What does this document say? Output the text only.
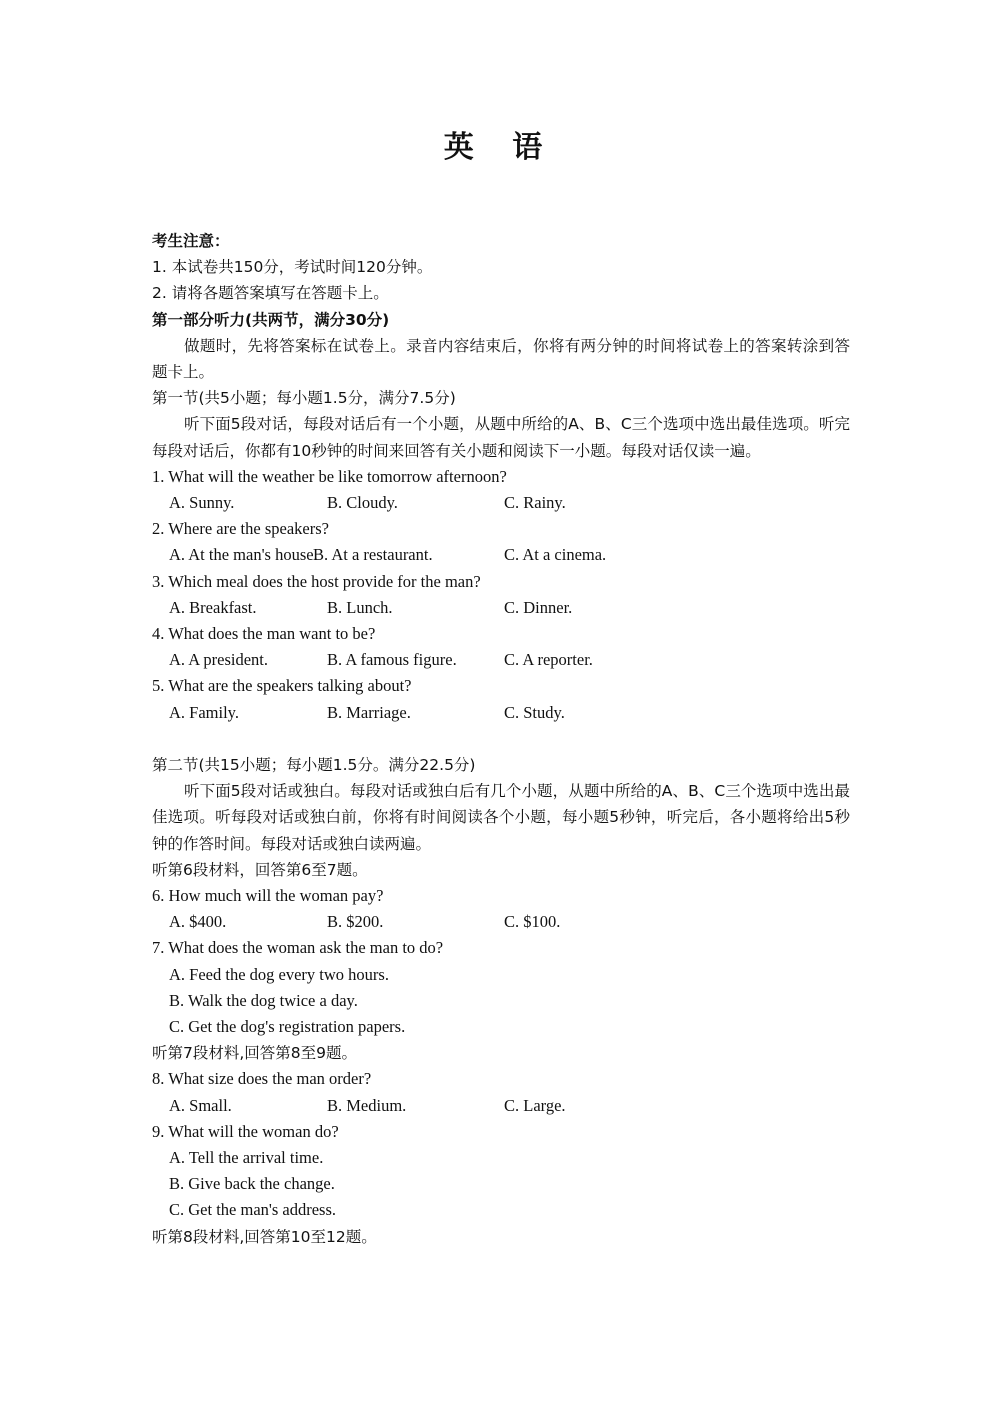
英 语
考生注意：
1. 本试卷共150分，考试时间120分钟。
2. 请将各题答案填写在答题卡上。
第一部分听力(共两节，满分30分)
做题时，先将答案标在试卷上。录音内容结束后，你将有两分钟的时间将试卷上的答案转涂到答题卡上。
第一节(共5小题；每小题1.5分，满分7.5分)
听下面5段对话，每段对话后有一个小题，从题中所给的A、B、C三个选项中选出最佳选项。听完每段对话后，你都有10秒钟的时间来回答有关小题和阅读下一小题。每段对话仅读一遍。
1. What will the weather be like tomorrow afternoon?
A. Sunny.	B. Cloudy.	C. Rainy.
2. Where are the speakers?
A. At the man's house.
B. At a restaurant.	C. At a cinema.
3. Which meal does the host provide for the man?
A. Breakfast.	B. Lunch.	C. Dinner.
4. What does the man want to be?
A. A president.	B. A famous figure.	C. A reporter.
5. What are the speakers talking about?
A. Family.	B. Marriage.	C. Study.
第二节(共15小题；每小题1.5分。满分22.5分)
听下面5段对话或独白。每段对话或独白后有几个小题，从题中所给的A、B、C三个选项中选出最佳选项。听每段对话或独白前，你将有时间阅读各个小题，每小题5秒钟，听完后，各小题将给出5秒钟的作答时间。每段对话或独白读两遍。
听第6段材料，回答第6至7题。
6. How much will the woman pay?
A. $400.	B. $200.	C. $100.
7. What does the woman ask the man to do?
A. Feed the dog every two hours.
B. Walk the dog twice a day.
C. Get the dog's registration papers.
听第7段材料,回答第8至9题。
8. What size does the man order?
A. Small.	B. Medium.	C. Large.
9. What will the woman do?
A. Tell the arrival time.
B. Give back the change.
C. Get the man's address.
听第8段材料,回答第10至12题。
